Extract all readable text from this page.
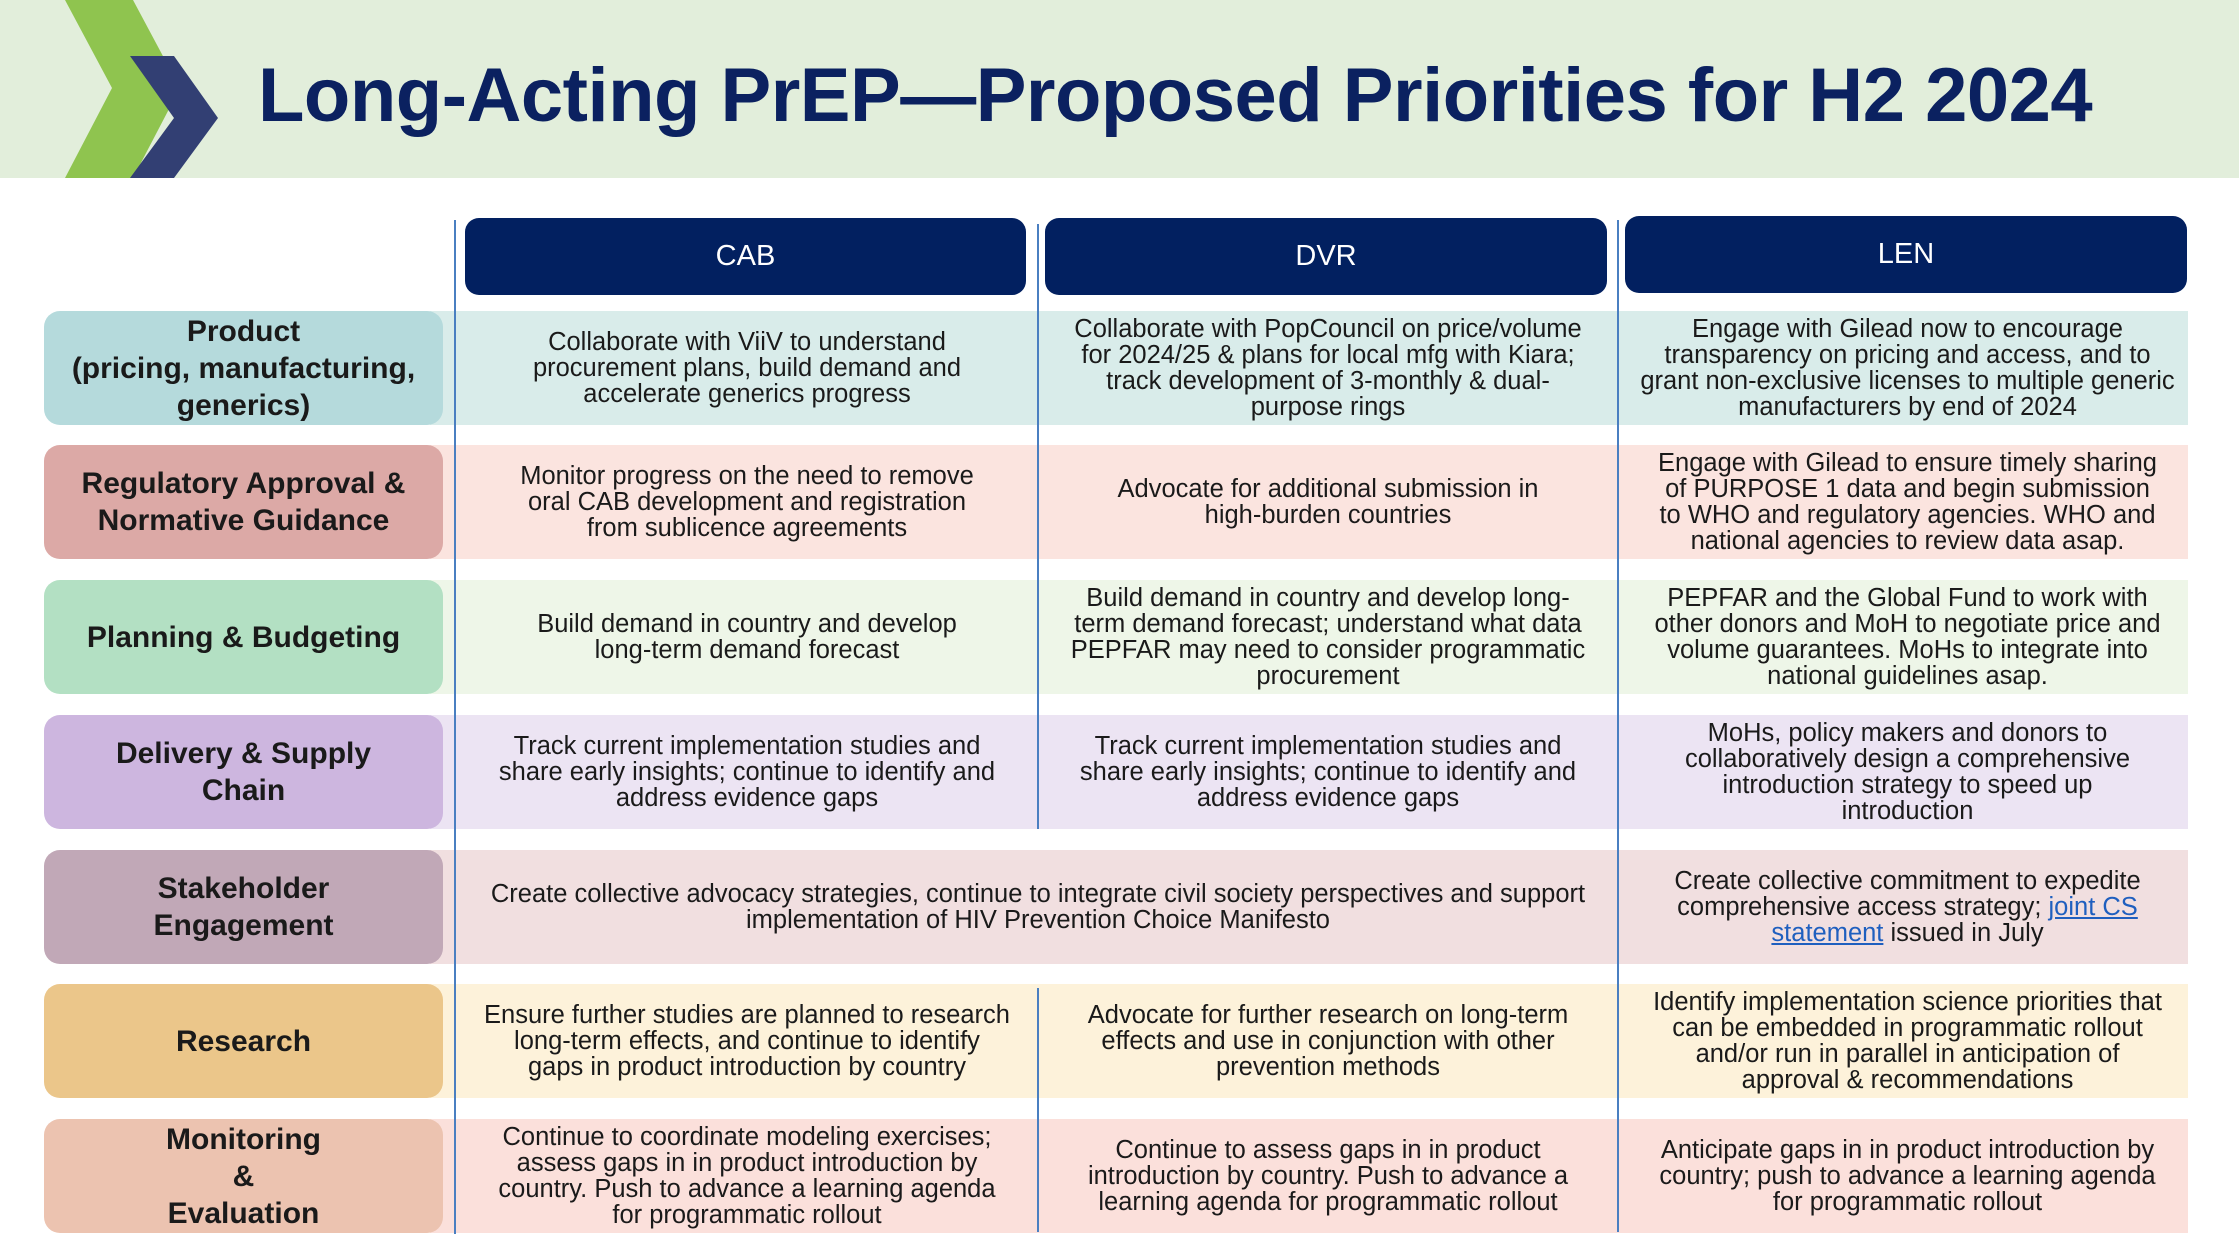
Long-Acting PrEP—Proposed Priorities for H2 2024
CAB	DVR	LEN
Product
(pricing, manufacturing, generics)
Regulatory Approval & Normative Guidance
Planning & Budgeting
Delivery & Supply Chain
Stakeholder Engagement
Research
Monitoring & Evaluation
Collaborate with ViiV to understand procurement plans, build demand and accelerate generics progress
Collaborate with PopCouncil on price/volume for 2024/25 & plans for local mfg with Kiara; track development of 3-monthly & dual-purpose rings
Engage with Gilead now to encourage transparency on pricing and access, and to grant non-exclusive licenses to multiple generic manufacturers by end of 2024
Monitor progress on the need to remove oral CAB development and registration from sublicence agreements
Advocate for additional submission in high-burden countries
Engage with Gilead to ensure timely sharing of PURPOSE 1 data and begin submission to WHO and regulatory agencies. WHO and national agencies to review data asap.
Build demand in country and develop long-term demand forecast
Build demand in country and develop long-term demand forecast; understand what data PEPFAR may need to consider programmatic procurement
PEPFAR and the Global Fund to work with other donors and MoH to negotiate price and volume guarantees. MoHs to integrate into national guidelines asap.
Track current implementation studies and share early insights; continue to identify and address evidence gaps
Track current implementation studies and share early insights; continue to identify and address evidence gaps
MoHs, policy makers and donors to collaboratively design a comprehensive introduction strategy to speed up introduction
Create collective advocacy strategies, continue to integrate civil society perspectives and support implementation of HIV Prevention Choice Manifesto
Create collective commitment to expedite comprehensive access strategy; joint CS statement issued in July
Ensure further studies are planned to research long-term effects, and continue to identify gaps in product introduction by country
Advocate for further research on long-term effects and use in conjunction with other prevention methods
Identify implementation science priorities that can be embedded in programmatic rollout and/or run in parallel in anticipation of approval & recommendations
Continue to coordinate modeling exercises; assess gaps in in product introduction by country. Push to advance a learning agenda for programmatic rollout
Continue to assess gaps in in product introduction by country. Push to advance a learning agenda for programmatic rollout
Anticipate gaps in in product introduction by country; push to advance a learning agenda for programmatic rollout
